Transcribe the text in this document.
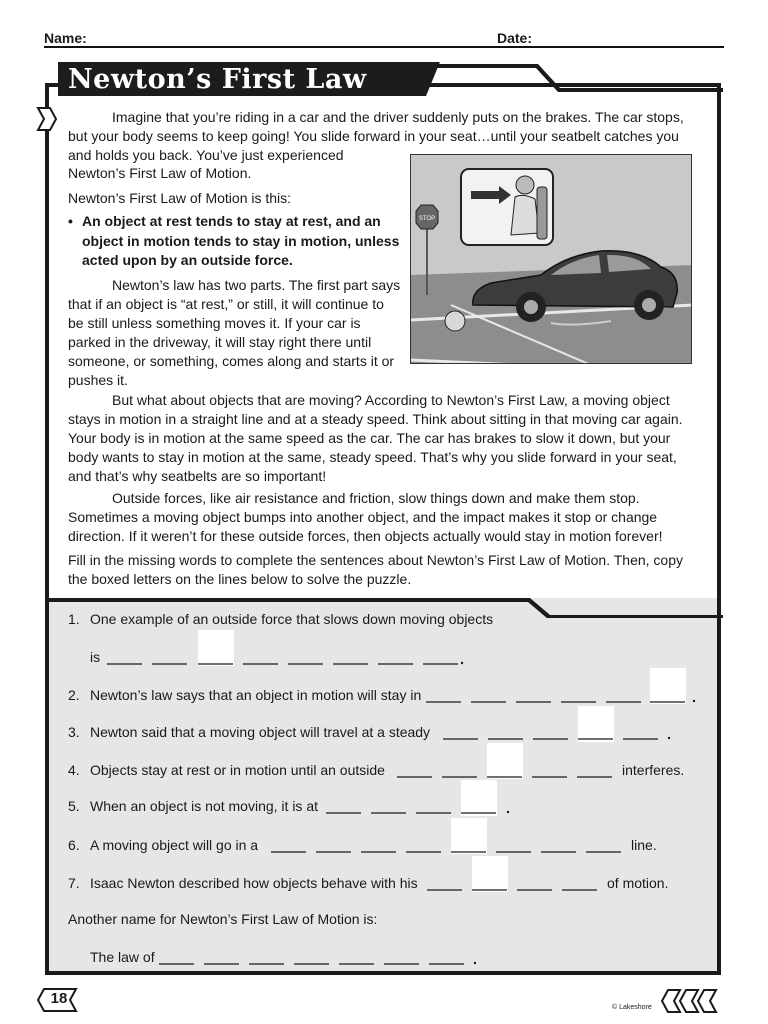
Name:	Date:
Newton’s First Law
Imagine that you’re riding in a car and the driver suddenly puts on the brakes. The car stops,
but your body seems to keep going! You slide forward in your seat…until your seatbelt catches you
and holds you back. You’ve just experienced
Newton’s First Law of Motion.
Newton’s First Law of Motion is this:
• An object at rest tends to stay at rest, and an
object in motion tends to stay in motion, unless
acted upon by an outside force.
Newton’s law has two parts. The first part says
that if an object is “at rest,” or still, it will continue to
be still unless something moves it. If your car is
parked in the driveway, it will stay right there until
someone, or something, comes along and starts it or
pushes it.
But what about objects that are moving? According to Newton’s First Law, a moving object
stays in motion in a straight line and at a steady speed. Think about sitting in that moving car again.
Your body is in motion at the same speed as the car. The car has brakes to slow it down, but your
body wants to stay in motion at the same, steady speed. That’s why you slide forward in your seat,
and that’s why seatbelts are so important!
Outside forces, like air resistance and friction, slow things down and make them stop.
Sometimes a moving object bumps into another object, and the impact makes it stop or change
direction. If it weren’t for these outside forces, then objects actually would stay in motion forever!
Fill in the missing words to complete the sentences about Newton’s First Law of Motion. Then, copy
the boxed letters on the lines below to solve the puzzle.
STOP
1. One example of an outside force that slows down moving objects
is
2. Newton’s law says that an object in motion will stay in
3. Newton said that a moving object will travel at a steady
4. Objects stay at rest or in motion until an outside	interferes.
5. When an object is not moving, it is at
6. A moving object will go in a	line.
7. Isaac Newton described how objects behave with his	of motion.
Another name for Newton’s First Law of Motion is:
The law of
18
© Lakeshore
